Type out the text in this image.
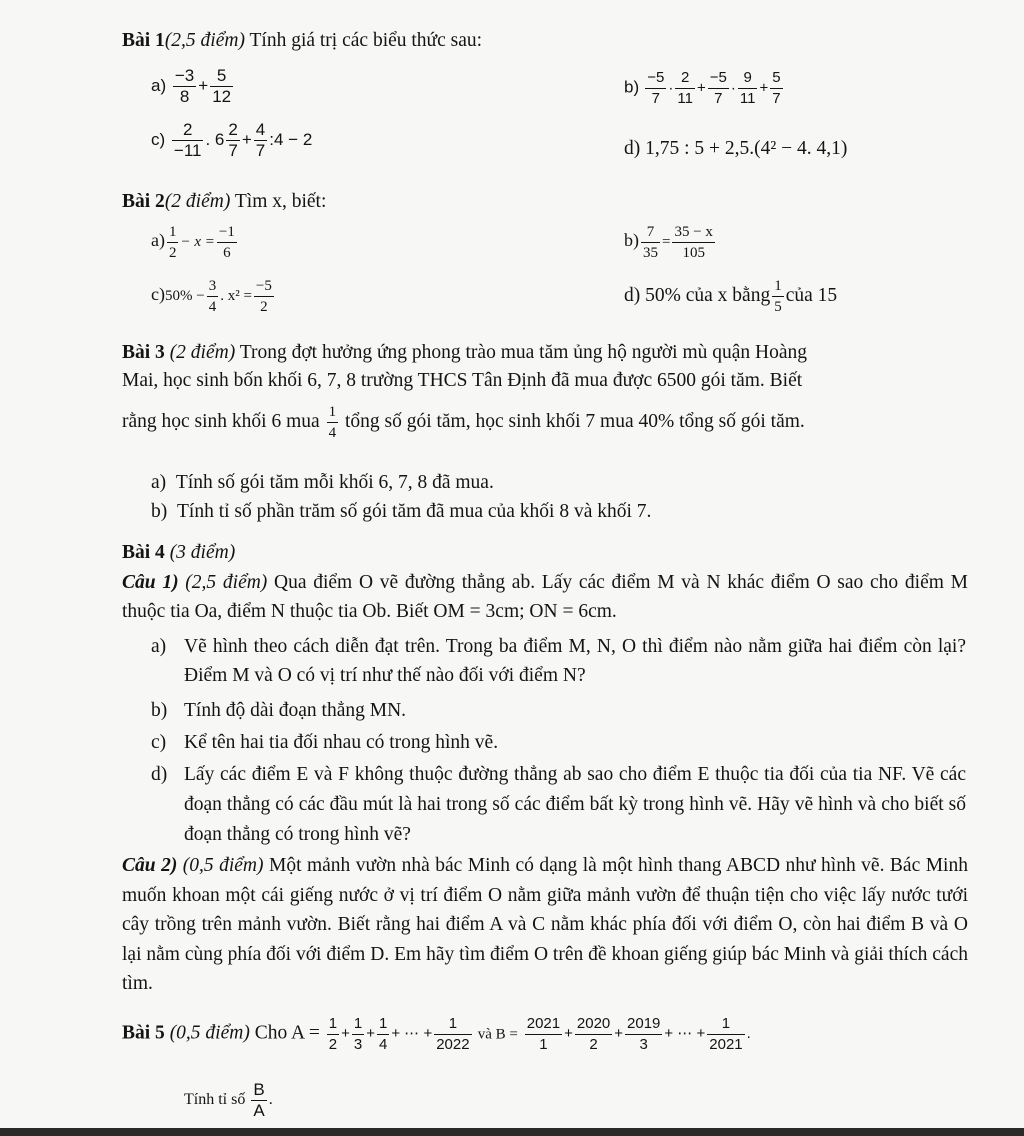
Bài 1(2,5 điểm) Tính giá trị các biểu thức sau:
$a) \frac{-3}{8} + \frac{5}{12}$	$b) \frac{-5}{7} \cdot \frac{2}{11} + \frac{-5}{7} \cdot \frac{9}{11} + \frac{5}{7}$
$c) \frac{2}{-11}$ . $6 \frac{2}{7} + \frac{4}{7}$ :4 − 2	d) 1,75 : 5 + 2,5.(4² − 4. 4,1)
Bài 2(2 điểm) Tìm x, biết:
$a) \frac{1}{2} - x = \frac{-1}{6}$	$b) \frac{7}{35} = \frac{35 - x}{105}$
$c)50\% - \frac{3}{4}$ . $x^2 = \frac{-5}{2}$	d) 50% của x bằng $\frac{1}{5}$ của 15
Bài 3 (2 điểm) Trong đợt hưởng ứng phong trào mua tăm ủng hộ người mù quận Hoàng
Mai, học sinh bốn khối 6, 7, 8 trường THCS Tân Định đã mua được 6500 gói tăm. Biết
rằng học sinh khối 6 mua $\frac{1}{4}$ tổng số gói tăm, học sinh khối 7 mua 40% tổng số gói tăm.
a) Tính số gói tăm mỗi khối 6, 7, 8 đã mua.
b) Tính tỉ số phần trăm số gói tăm đã mua của khối 8 và khối 7.
Bài 4 (3 điểm)
Câu 1) (2,5 điểm) Qua điểm O vẽ đường thẳng ab. Lấy các điểm M và N khác điểm O sao cho điểm M thuộc tia Oa, điểm N thuộc tia Ob. Biết OM = 3cm; ON = 6cm.
a) Vẽ hình theo cách diễn đạt trên. Trong ba điểm M, N, O thì điểm nào nằm giữa hai điểm còn lại? Điểm M và O có vị trí như thế nào đối với điểm N?
b) Tính độ dài đoạn thẳng MN.
c) Kể tên hai tia đối nhau có trong hình vẽ.
d) Lấy các điểm E và F không thuộc đường thẳng ab sao cho điểm E thuộc tia đối của tia NF. Vẽ các đoạn thẳng có các đầu mút là hai trong số các điểm bất kỳ trong hình vẽ. Hãy vẽ hình và cho biết số đoạn thẳng có trong hình vẽ?
Câu 2) (0,5 điểm) Một mảnh vườn nhà bác Minh có dạng là một hình thang ABCD như hình vẽ. Bác Minh muốn khoan một cái giếng nước ở vị trí điểm O nằm giữa mảnh vườn để thuận tiện cho việc lấy nước tưới cây trồng trên mảnh vườn. Biết rằng hai điểm A và C nằm khác phía đối với điểm O, còn hai điểm B và O lại nằm cùng phía đối với điểm D. Em hãy tìm điểm O trên đề khoan giếng giúp bác Minh và giải thích cách tìm.
Bài 5 (0,5 điểm) Cho $A = \frac{1}{2} + \frac{1}{3} + \frac{1}{4}$ + ⋯ + $\frac{1}{2022}$ và $B = \frac{2021}{1} + \frac{2020}{2} + \frac{2019}{3}$ + ⋯ + $\frac{1}{2021}$ .
Tính tỉ số $\frac{B}{A}$ .
